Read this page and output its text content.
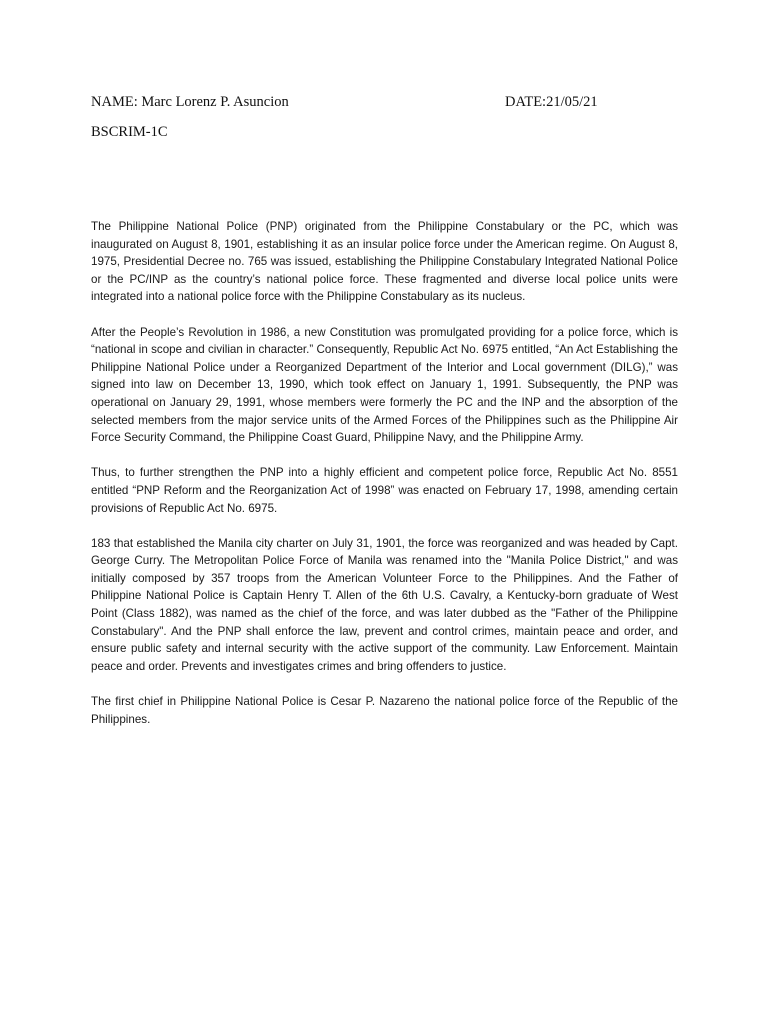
NAME: Marc Lorenz P. Asuncion	DATE:21/05/21
BSCRIM-1C

The Philippine National Police (PNP) originated from the Philippine Constabulary or the PC, which was inaugurated on August 8, 1901, establishing it as an insular police force under the American regime. On August 8, 1975, Presidential Decree no. 765 was issued, establishing the Philippine Constabulary Integrated National Police or the PC/INP as the country’s national police force. These fragmented and diverse local police units were integrated into a national police force with the Philippine Constabulary as its nucleus.

After the People’s Revolution in 1986, a new Constitution was promulgated providing for a police force, which is “national in scope and civilian in character.” Consequently, Republic Act No. 6975 entitled, “An Act Establishing the Philippine National Police under a Reorganized Department of the Interior and Local government (DILG),” was signed into law on December 13, 1990, which took effect on January 1, 1991. Subsequently, the PNP was operational on January 29, 1991, whose members were formerly the PC and the INP and the absorption of the selected members from the major service units of the Armed Forces of the Philippines such as the Philippine Air Force Security Command, the Philippine Coast Guard, Philippine Navy, and the Philippine Army.

Thus, to further strengthen the PNP into a highly efficient and competent police force, Republic Act No. 8551 entitled “PNP Reform and the Reorganization Act of 1998” was enacted on February 17, 1998, amending certain provisions of Republic Act No. 6975.

183 that established the Manila city charter on July 31, 1901, the force was reorganized and was headed by Capt. George Curry. The Metropolitan Police Force of Manila was renamed into the "Manila Police District," and was initially composed by 357 troops from the American Volunteer Force to the Philippines. And the Father of Philippine National Police is Captain Henry T. Allen of the 6th U.S. Cavalry, a Kentucky-born graduate of West Point (Class 1882), was named as the chief of the force, and was later dubbed as the "Father of the Philippine Constabulary". And the PNP shall enforce the law, prevent and control crimes, maintain peace and order, and ensure public safety and internal security with the active support of the community. Law Enforcement. Maintain peace and order. Prevents and investigates crimes and bring offenders to justice.

The first chief in Philippine National Police is Cesar P. Nazareno the national police force of the Republic of the Philippines.
